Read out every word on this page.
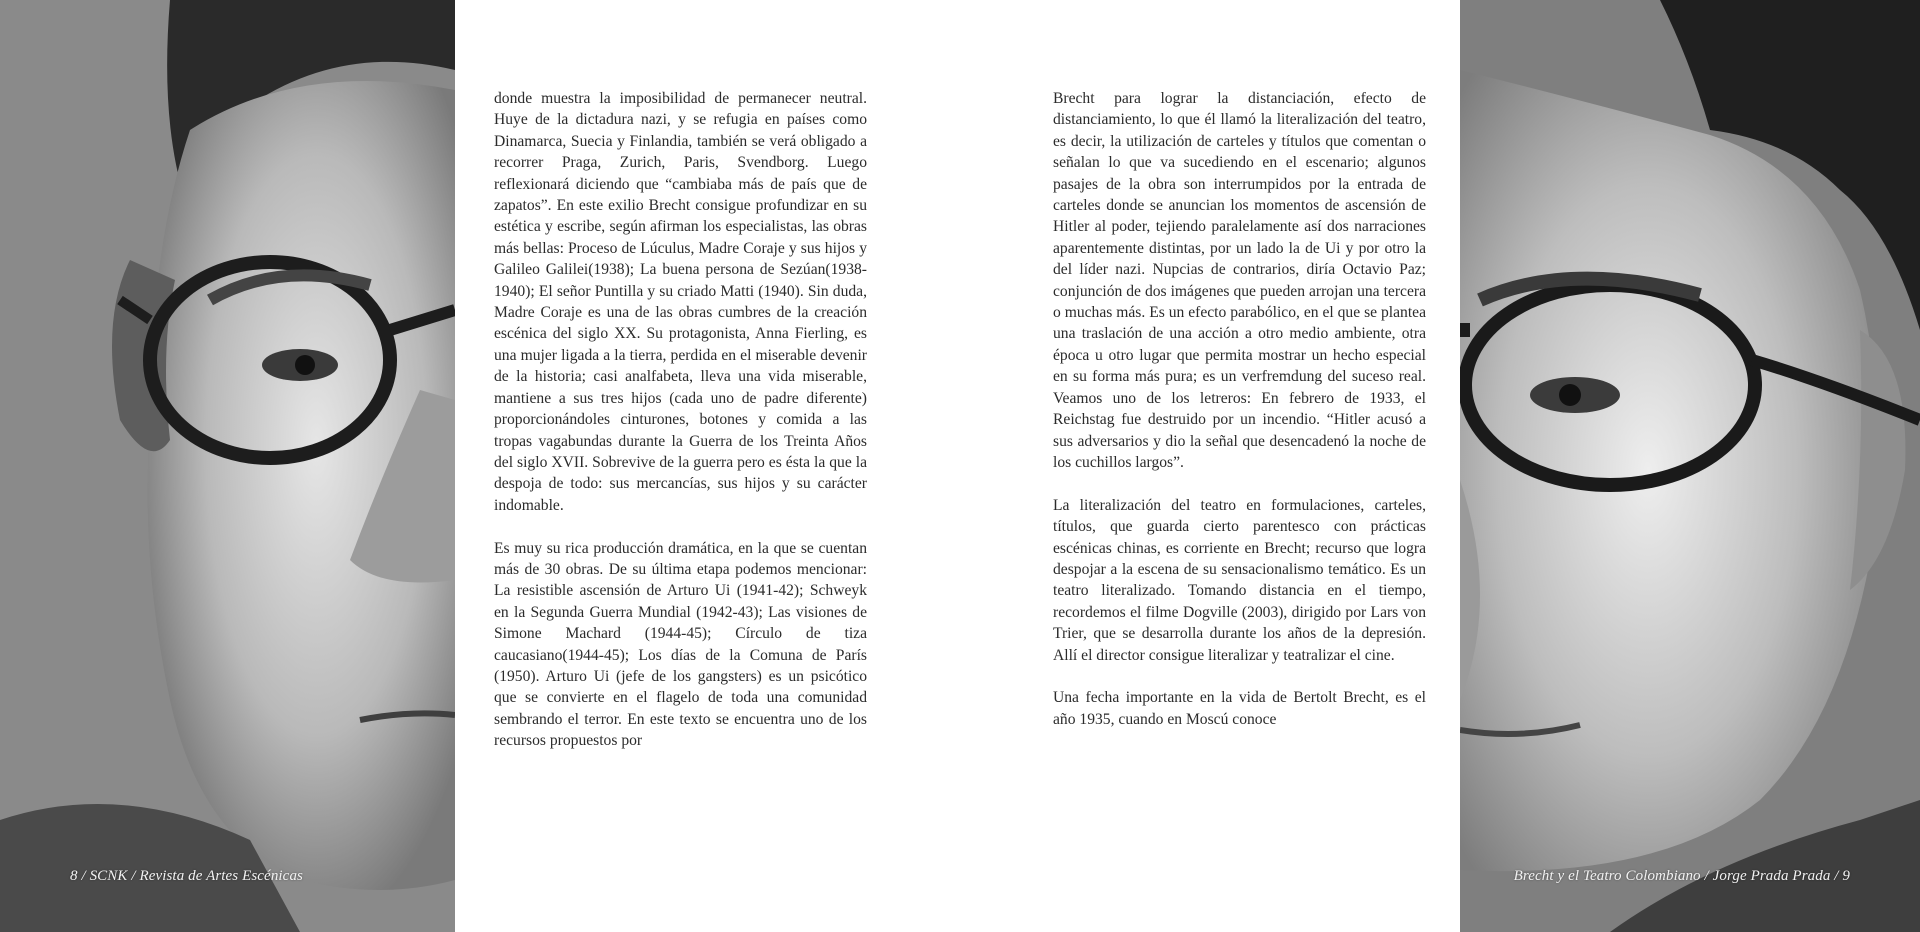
donde muestra la imposibilidad de permanecer neutral. Huye de la dictadura nazi, y se refugia en países como Dinamarca, Suecia y Finlandia, también se verá obligado a recorrer Praga, Zurich, Paris, Svendborg. Luego reflexionará diciendo que “cambiaba más de país que de zapatos”. En este exilio Brecht consigue profundizar en su estética y escribe, según afirman los especialistas, las obras más bellas: Proceso de Lúculus, Madre Coraje y sus hijos y Galileo Galilei(1938); La buena persona de Sezúan(1938-1940); El señor Puntilla y su criado Matti (1940). Sin duda, Madre Coraje es una de las obras cumbres de la creación escénica del siglo XX. Su protagonista, Anna Fierling, es una mujer ligada a la tierra, perdida en el miserable devenir de la historia; casi analfabeta, lleva una vida miserable, mantiene a sus tres hijos (cada uno de padre diferente) proporcionándoles cinturones, botones y comida a las tropas vagabundas durante la Guerra de los Treinta Años del siglo XVII. Sobrevive de la guerra pero es ésta la que la despoja de todo: sus mercancías, sus hijos y su carácter indomable.

Es muy su rica producción dramática, en la que se cuentan más de 30 obras. De su última etapa podemos mencionar: La resistible ascensión de Arturo Ui (1941-42); Schweyk en la Segunda Guerra Mundial (1942-43); Las visiones de Simone Machard (1944-45); Círculo de tiza caucasiano(1944-45); Los días de la Comuna de París (1950). Arturo Ui (jefe de los gangsters) es un psicótico que se convierte en el flagelo de toda una comunidad sembrando el terror. En este texto se encuentra uno de los recursos propuestos por

Brecht para lograr la distanciación, efecto de distanciamiento, lo que él llamó la literalización del teatro, es decir, la utilización de carteles y títulos que comentan o señalan lo que va sucediendo en el escenario; algunos pasajes de la obra son interrumpidos por la entrada de carteles donde se anuncian los momentos de ascensión de Hitler al poder, tejiendo paralelamente así dos narraciones aparentemente distintas, por un lado la de Ui y por otro la del líder nazi. Nupcias de contrarios, diría Octavio Paz; conjunción de dos imágenes que pueden arrojan una tercera o muchas más. Es un efecto parabólico, en el que se plantea una traslación de una acción a otro medio ambiente, otra época u otro lugar que permita mostrar un hecho especial en su forma más pura; es un verfremdung del suceso real. Veamos uno de los letreros: En febrero de 1933, el Reichstag fue destruido por un incendio. “Hitler acusó a sus adversarios y dio la señal que desencadenó la noche de los cuchillos largos”.

La literalización del teatro en formulaciones, carteles, títulos, que guarda cierto parentesco con prácticas escénicas chinas, es corriente en Brecht; recurso que logra despojar a la escena de su sensacionalismo temático. Es un teatro literalizado. Tomando distancia en el tiempo, recordemos el filme Dogville (2003), dirigido por Lars von Trier, que se desarrolla durante los años de la depresión. Allí el director consigue literalizar y teatralizar el cine.

Una fecha importante en la vida de Bertolt Brecht, es el año 1935, cuando en Moscú conoce

8 / SCNK / Revista de Artes Escénicas	Brecht y el Teatro Colombiano / Jorge Prada Prada / 9
